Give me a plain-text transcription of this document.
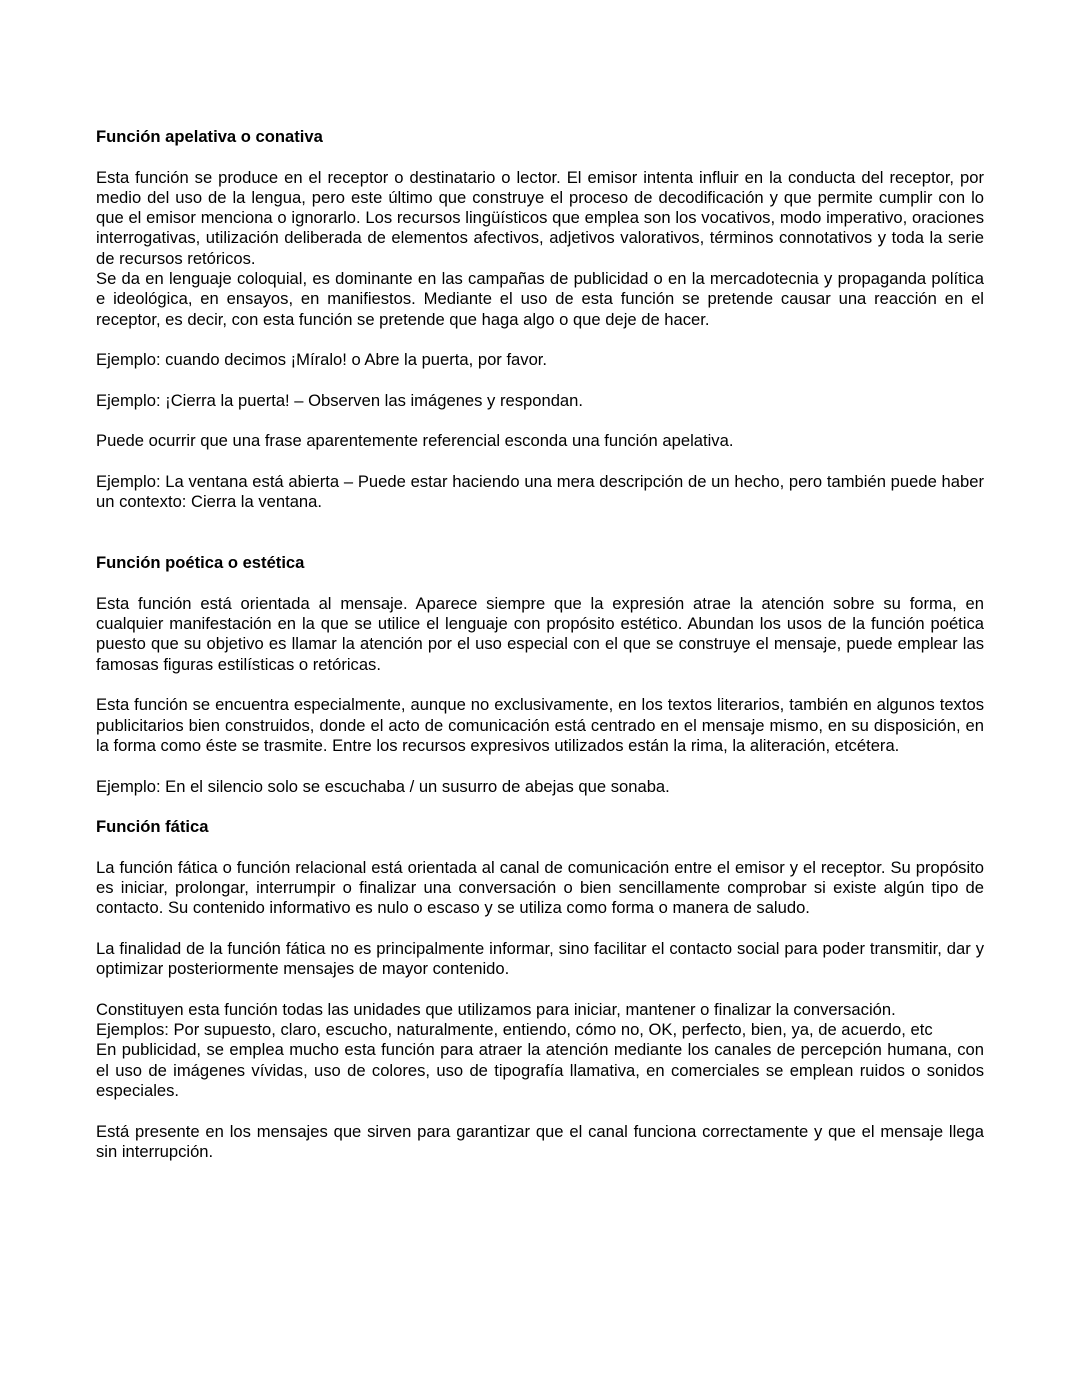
Función apelativa o conativa

Esta función se produce en el receptor o destinatario o lector. El emisor intenta influir en la conducta del receptor, por medio del uso de la lengua, pero este último que construye el proceso de decodificación y que permite cumplir con lo que el emisor menciona o ignorarlo. Los recursos lingüísticos que emplea son los vocativos, modo imperativo, oraciones interrogativas, utilización deliberada de elementos afectivos, adjetivos valorativos, términos connotativos y toda la serie de recursos retóricos.

Se da en lenguaje coloquial, es dominante en las campañas de publicidad o en la mercadotecnia y propaganda política e ideológica, en ensayos, en manifiestos. Mediante el uso de esta función se pretende causar una reacción en el receptor, es decir, con esta función se pretende que haga algo o que deje de hacer.

Ejemplo: cuando decimos ¡Míralo! o Abre la puerta, por favor.

Ejemplo: ¡Cierra la puerta! – Observen las imágenes y respondan.

Puede ocurrir que una frase aparentemente referencial esconda una función apelativa.

Ejemplo: La ventana está abierta – Puede estar haciendo una mera descripción de un hecho, pero también puede haber un contexto: Cierra la ventana.

Función poética o estética

Esta función está orientada al mensaje. Aparece siempre que la expresión atrae la atención sobre su forma, en cualquier manifestación en la que se utilice el lenguaje con propósito estético. Abundan los usos de la función poética puesto que su objetivo es llamar la atención por el uso especial con el que se construye el mensaje, puede emplear las famosas figuras estilísticas o retóricas.

Esta función se encuentra especialmente, aunque no exclusivamente, en los textos literarios, también en algunos textos publicitarios bien construidos, donde el acto de comunicación está centrado en el mensaje mismo, en su disposición, en la forma como éste se trasmite. Entre los recursos expresivos utilizados están la rima, la aliteración, etcétera.

Ejemplo: En el silencio solo se escuchaba / un susurro de abejas que sonaba.

Función fática

La función fática o función relacional está orientada al canal de comunicación entre el emisor y el receptor. Su propósito es iniciar, prolongar, interrumpir o finalizar una conversación o bien sencillamente comprobar si existe algún tipo de contacto. Su contenido informativo es nulo o escaso y se utiliza como forma o manera de saludo.

La finalidad de la función fática no es principalmente informar, sino facilitar el contacto social para poder transmitir, dar y optimizar posteriormente mensajes de mayor contenido.

Constituyen esta función todas las unidades que utilizamos para iniciar, mantener o finalizar la conversación.

Ejemplos: Por supuesto, claro, escucho, naturalmente, entiendo, cómo no, OK, perfecto, bien, ya, de acuerdo, etc

En publicidad, se emplea mucho esta función para atraer la atención mediante los canales de percepción humana, con el uso de imágenes vívidas, uso de colores, uso de tipografía llamativa, en comerciales se emplean ruidos o sonidos especiales.

Está presente en los mensajes que sirven para garantizar que el canal funciona correctamente y que el mensaje llega sin interrupción.
